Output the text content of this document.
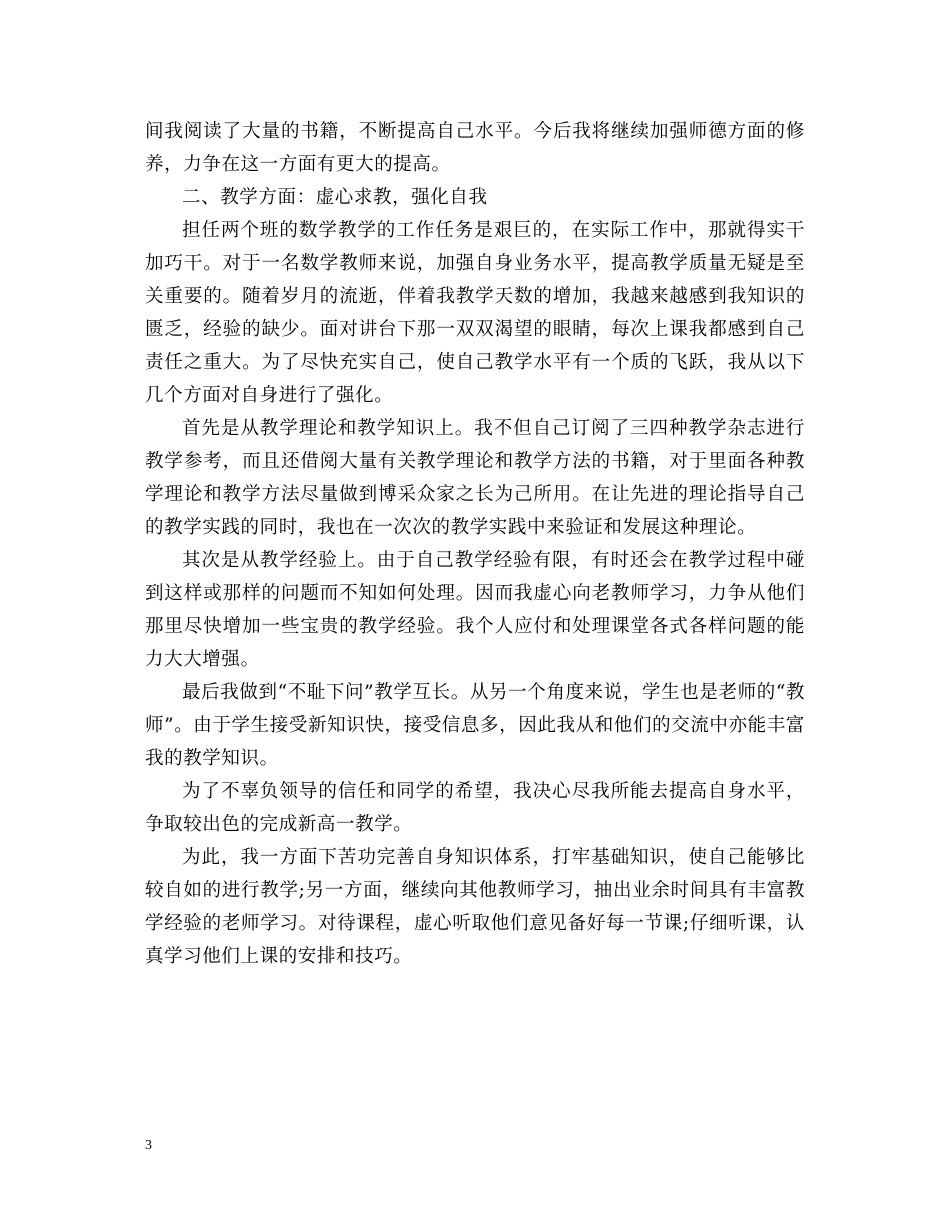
间我阅读了大量的书籍，不断提高自己水平。今后我将继续加强师德方面的修养，力争在这一方面有更大的提高。

二、教学方面：虚心求教，强化自我

担任两个班的数学教学的工作任务是艰巨的，在实际工作中，那就得实干加巧干。对于一名数学教师来说，加强自身业务水平，提高教学质量无疑是至关重要的。随着岁月的流逝，伴着我教学天数的增加，我越来越感到我知识的匮乏，经验的缺少。面对讲台下那一双双渴望的眼睛，每次上课我都感到自己责任之重大。为了尽快充实自己，使自己教学水平有一个质的飞跃，我从以下几个方面对自身进行了强化。

首先是从教学理论和教学知识上。我不但自己订阅了三四种教学杂志进行教学参考，而且还借阅大量有关教学理论和教学方法的书籍，对于里面各种教学理论和教学方法尽量做到博采众家之长为己所用。在让先进的理论指导自己的教学实践的同时，我也在一次次的教学实践中来验证和发展这种理论。

其次是从教学经验上。由于自己教学经验有限，有时还会在教学过程中碰到这样或那样的问题而不知如何处理。因而我虚心向老教师学习，力争从他们那里尽快增加一些宝贵的教学经验。我个人应付和处理课堂各式各样问题的能力大大增强。

最后我做到“不耻下问”教学互长。从另一个角度来说，学生也是老师的“教师”。由于学生接受新知识快，接受信息多，因此我从和他们的交流中亦能丰富我的教学知识。

为了不辜负领导的信任和同学的希望，我决心尽我所能去提高自身水平，争取较出色的完成新高一教学。

为此，我一方面下苦功完善自身知识体系，打牢基础知识，使自己能够比较自如的进行教学;另一方面，继续向其他教师学习，抽出业余时间具有丰富教学经验的老师学习。对待课程，虚心听取他们意见备好每一节课;仔细听课，认真学习他们上课的安排和技巧。

3
